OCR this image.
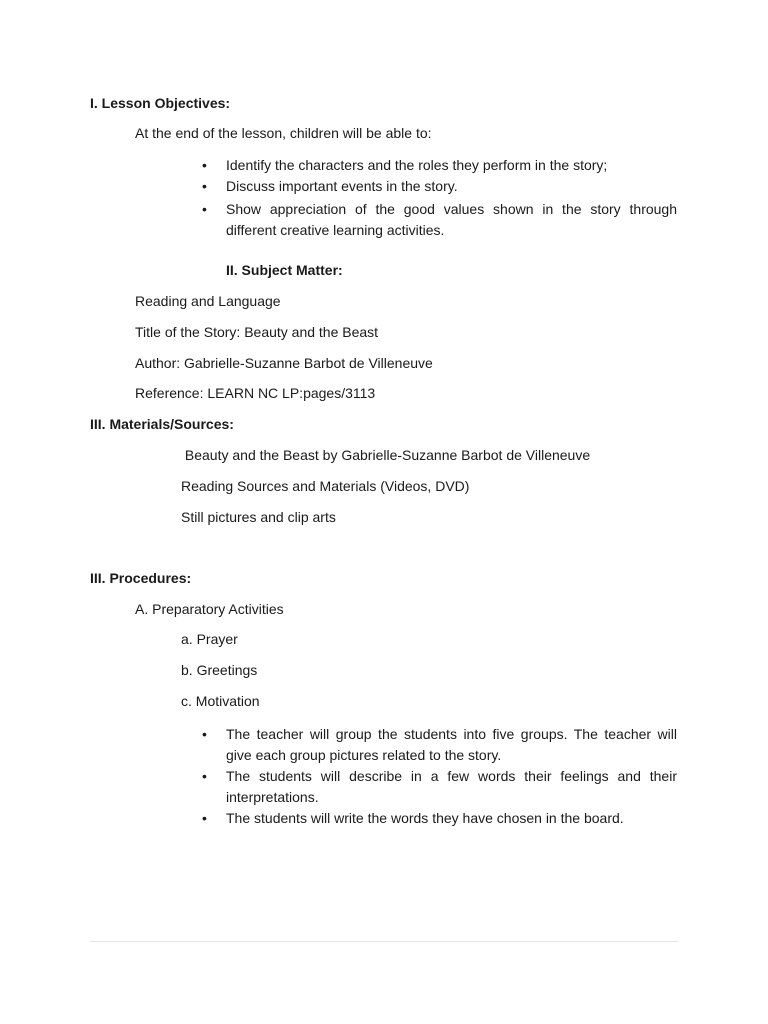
I. Lesson Objectives:
At the end of the lesson, children will be able to:
•	Identify the characters and the roles they perform in the story;
•	Discuss important events in the story.
•	Show appreciation of the good values shown in the story through different creative learning activities.
II. Subject Matter:
Reading and Language
Title of the Story: Beauty and the Beast
Author: Gabrielle-Suzanne Barbot de Villeneuve
Reference: LEARN NC LP:pages/3113
III. Materials/Sources:
Beauty and the Beast by Gabrielle-Suzanne Barbot de Villeneuve
Reading Sources and Materials (Videos, DVD)
Still pictures and clip arts
III. Procedures:
A. Preparatory Activities
a. Prayer
b. Greetings
c. Motivation
•	The teacher will group the students into five groups. The teacher will give each group pictures related to the story.
•	The students will describe in a few words their feelings and their interpretations.
•	The students will write the words they have chosen in the board.
